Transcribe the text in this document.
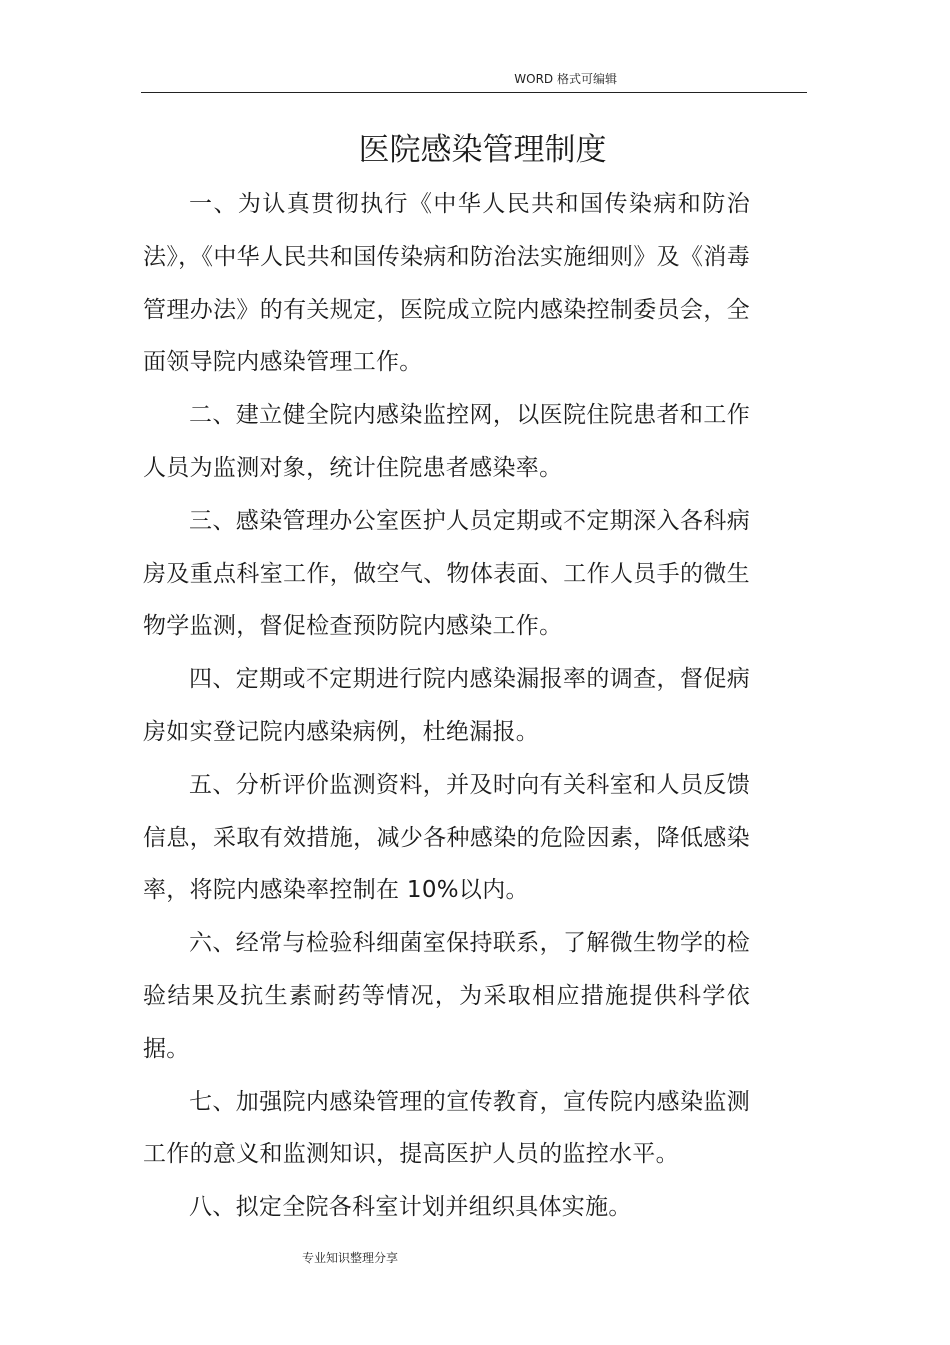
WORD 格式可编辑
医院感染管理制度

一、为认真贯彻执行《中华人民共和国传染病和防治法》，《中华人民共和国传染病和防治法实施细则》及《消毒管理办法》的有关规定，医院成立院内感染控制委员会，全面领导院内感染管理工作。

二、建立健全院内感染监控网，以医院住院患者和工作人员为监测对象，统计住院患者感染率。

三、感染管理办公室医护人员定期或不定期深入各科病房及重点科室工作，做空气、物体表面、工作人员手的微生物学监测，督促检查预防院内感染工作。

四、定期或不定期进行院内感染漏报率的调查，督促病房如实登记院内感染病例，杜绝漏报。

五、分析评价监测资料，并及时向有关科室和人员反馈信息，采取有效措施，减少各种感染的危险因素，降低感染率，将院内感染率控制在 10%以内。

六、经常与检验科细菌室保持联系，了解微生物学的检验结果及抗生素耐药等情况，为采取相应措施提供科学依据。

七、加强院内感染管理的宣传教育，宣传院内感染监测工作的意义和监测知识，提高医护人员的监控水平。

八、拟定全院各科室计划并组织具体实施。

专业知识整理分享
